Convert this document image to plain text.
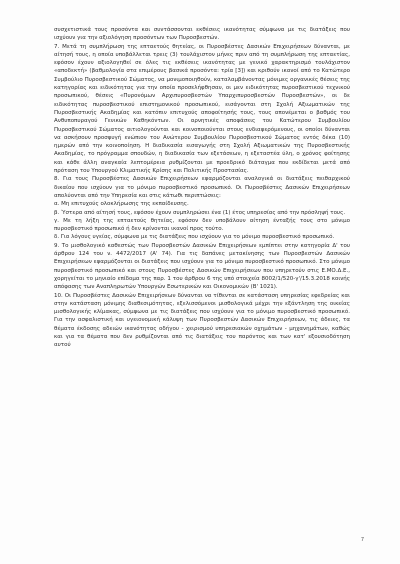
συσχετιστικά τους προσόντα και συντάσσονται εκθέσεις ικανότητας σύμφωνα με τις διατάξεις που ισχύουν για την αξιολόγηση προσόντων των Πυροσβεστών.

7. Μετά τη συμπλήρωση της επταετούς θητείας, οι Πυροσβέστες Δασικών Επιχειρήσεων δύνανται, με αίτησή τους, η οποία υποβάλλεται τρεις (3) τουλάχιστον μήνες πριν από τη συμπλήρωση της επταετίας, εφόσον έχουν αξιολογηθεί σε όλες τις εκθέσεις ικανότητας με γενικό χαρακτηρισμό τουλάχιστον «αποδεκτή» (βαθμολογία στα επιμέρους βασικά προσόντα: τρία [3]) και κριθούν ικανοί από το Κατώτερο Συμβούλιο Πυροσβεστικού Σώματος, να μονιμοποιηθούν, καταλαμβάνοντας μόνιμες οργανικές θέσεις της κατηγορίας και ειδικότητας για την οποία προσελήφθησαν, οι μεν ειδικότητας πυροσβεστικού τεχνικού προσωπικού, θέσεις «Πυρονόμων Αρχιπυροσβεστών Υπαρχιπυροσβεστών Πυροσβεστών», οι δε ειδικότητας πυροσβεστικού επιστημονικού προσωπικού, εισάγονται στη Σχολή Αξιωματικών της Πυροσβεστικής Ακαδημίας και κατόπιν επιτυχούς αποφοίτησής τους, τους απονέμεται ο βαθμός του Ανθυποπυραγού Γενικών Καθηκόντων. Οι αρνητικές αποφάσεις του Κατώτερου Συμβουλίου Πυροσβεστικού Σώματος αιτιολογούνται και κοινοποιούνται στους ενδιαφερόμενους, οι οποίοι δύνανται να ασκήσουν προσφυγή ενώπιον του Ανώτερου Συμβουλίου Πυροσβεστικού Σώματος εντός δέκα (10) ημερών από την κοινοποίηση. Η διαδικασία εισαγωγής στη Σχολή Αξιωματικών της Πυροσβεστικής Ακαδημίας, το πρόγραμμα σπουδών, η διαδικασία των εξετάσεων, η εξεταστέα ύλη, ο χρόνος φοίτησης και κάθε άλλη αναγκαία λεπτομέρεια ρυθμίζονται με προεδρικό διάταγμα που εκδίδεται μετά από πρόταση του Υπουργού Κλιματικής Κρίσης και Πολιτικής Προστασίας.

8. Για τους Πυροσβέστες Δασικών Επιχειρήσεων εφαρμόζονται αναλογικά οι διατάξεις πειθαρχικού δικαίου που ισχύουν για το μόνιμο πυροσβεστικό προσωπικό. Οι Πυροσβέστες Δασικών Επιχειρήσεων απολύονται από την Υπηρεσία και στις κάτωθι περιπτώσεις:

α. Μη επιτυχούς ολοκλήρωσης της εκπαίδευσης.

β. Ύστερα από αίτησή τους, εφόσον έχουν συμπληρώσει ένα (1) έτος υπηρεσίας από την πρόσληψή τους.

γ. Με τη λήξη της επταετούς θητείας, εφόσον δεν υποβάλουν αίτηση ένταξής τους στο μόνιμο πυροσβεστικό προσωπικό ή δεν κρίνονται ικανοί προς τούτο.

δ. Για λόγους υγείας, σύμφωνα με τις διατάξεις που ισχύουν για το μόνιμο πυροσβεστικό προσωπικό.

9. Το μισθολογικό καθεστώς των Πυροσβεστών Δασικών Επιχειρήσεων εμπίπτει στην κατηγορία Δ' του άρθρου 124 του ν. 4472/2017 (Α' 74). Για τις δαπάνες μετακίνησης των Πυροσβεστών Δασικών Επιχειρήσεων εφαρμόζονται οι διατάξεις που ισχύουν για το μόνιμο πυροσβεστικό προσωπικό. Στο μόνιμο πυροσβεστικό προσωπικό και στους Πυροσβέστες Δασικών Επιχειρήσεων που υπηρετούν στις Ε.ΜΟ.Δ.Ε., χορηγείται το μηνιαίο επίδομα της παρ. 1 του άρθρου 6 της υπό στοιχεία 8002/1/520-γ'/15.3.2018 κοινής απόφασης των Αναπληρωτών Υπουργών Εσωτερικών και Οικονομικών (Β' 1021).

10. Οι Πυροσβέστες Δασικών Επιχειρήσεων δύνανται να τίθενται σε κατάσταση υπηρεσίας εφεδρείας και στην κατάσταση μόνιμης διαθεσιμότητας, εξελισσόμενοι μισθολογικά μέχρι την εξάντληση της οικείας μισθολογικής κλίμακας, σύμφωνα με τις διατάξεις που ισχύουν για το μόνιμο πυροσβεστικό προσωπικό. Για την ασφαλιστική και υγειονομική κάλυψη των Πυροσβεστών Δασικών Επιχειρήσεων, τις άδειες, τα θέματα έκδοσης αδειών ικανότητας οδήγου - χειρισμού υπηρεσιακών οχημάτων - μηχανημάτων, καθώς και για τα θέματα που δεν ρυθμίζονται από τις διατάξεις του παρόντος και των κατ' εξουσιοδότηση αυτού

7
